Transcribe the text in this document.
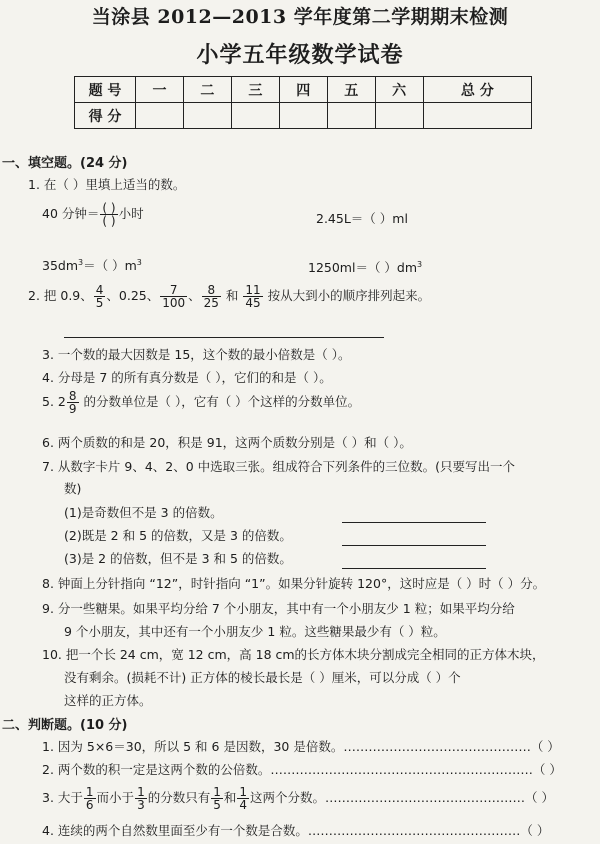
当涂县 2012—2013 学年度第二学期期末检测
小学五年级数学试卷
题 号	一	二	三	四	五	六	总 分
得 分							
一、填空题。(24 分)
1. 在（ ）里填上适当的数。
40 分钟＝ $\frac{( )}{( )}$ 小时	2.45L＝（ ）ml
$35dm^3=$（ ）$m^3$	1250ml＝（ ）$dm^3$
2. 把 0.9、 $\frac{4}{5}$ 、0.25、 $\frac{7}{100}$ 、 $\frac{8}{25}$ 和 $\frac{11}{45}$ 按从大到小的顺序排列起来。
3. 一个数的最大因数是 15，这个数的最小倍数是（ ）。
4. 分母是 7 的所有真分数是（ ），它们的和是（ ）。
5. $2 \frac{8}{9}$ 的分数单位是（ ），它有（ ）个这样的分数单位。
6. 两个质数的和是 20，积是 91，这两个质数分别是（ ）和（ ）。
7. 从数字卡片 9、4、2、0 中选取三张。组成符合下列条件的三位数。(只要写出一个
数)
(1)是奇数但不是 3 的倍数。
(2)既是 2 和 5 的倍数，又是 3 的倍数。
(3)是 2 的倍数，但不是 3 和 5 的倍数。
8. 钟面上分针指向 “12”，时针指向 “1”。如果分针旋转 120°，这时应是（ ）时（ ）分。
9. 分一些糖果。如果平均分给 7 个小朋友，其中有一个小朋友少 1 粒；如果平均分给
9 个小朋友，其中还有一个小朋友少 1 粒。这些糖果最少有（ ）粒。
10. 把一个长 24 cm，宽 12 cm，高 18 cm的长方体木块分割成完全相同的正方体木块，
没有剩余。(损耗不计) 正方体的棱长最长是（ ）厘米，可以分成（ ）个
这样的正方体。
二、判断题。(10 分)
1. 因为 5×6＝30，所以 5 和 6 是因数，30 是倍数。………………………………………（ ）
2. 两个数的积一定是这两个数的公倍数。………………………………………………………（ ）
3. 大于 $\frac{1}{6}$ 而小于 $\frac{1}{3}$ 的分数只有 $\frac{1}{5}$ 和 $\frac{1}{4}$ 这两个分数。…………………………………………（ ）
4. 连续的两个自然数里面至少有一个数是合数。……………………………………………（ ）
